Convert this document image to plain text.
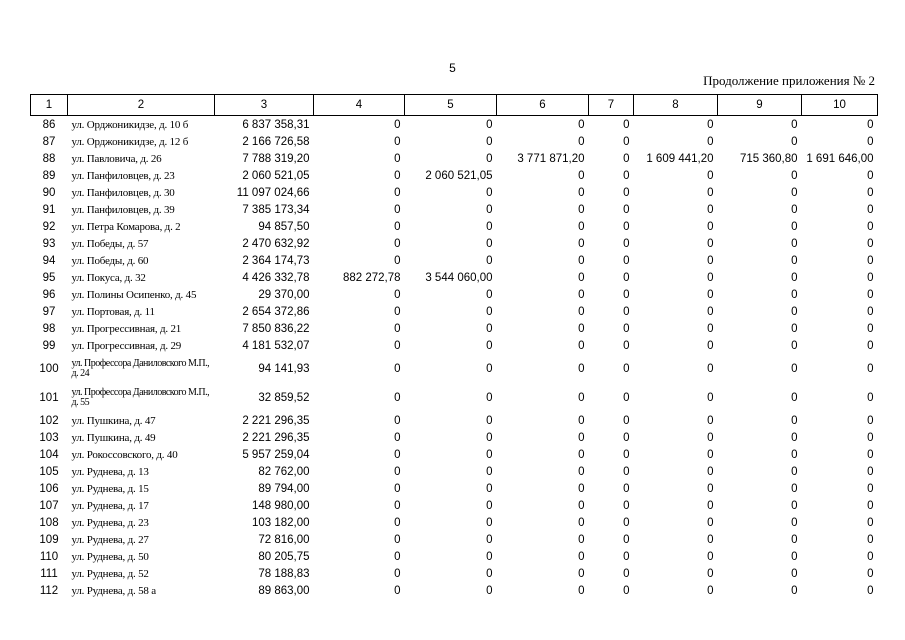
5
Продолжение приложения № 2
1	2	3	4	5	6	7	8	9	10
86	ул. Орджоникидзе, д. 10 б	6 837 358,31	0	0	0	0	0	0	0
87	ул. Орджоникидзе, д. 12 б	2 166 726,58	0	0	0	0	0	0	0
88	ул. Павловича, д. 26	7 788 319,20	0	0	3 771 871,20	0	1 609 441,20	715 360,80	1 691 646,00
89	ул. Панфиловцев, д. 23	2 060 521,05	0	2 060 521,05	0	0	0	0	0
90	ул. Панфиловцев, д. 30	11 097 024,66	0	0	0	0	0	0	0
91	ул. Панфиловцев, д. 39	7 385 173,34	0	0	0	0	0	0	0
92	ул. Петра Комарова, д. 2	94 857,50	0	0	0	0	0	0	0
93	ул. Победы, д. 57	2 470 632,92	0	0	0	0	0	0	0
94	ул. Победы, д. 60	2 364 174,73	0	0	0	0	0	0	0
95	ул. Покуса, д. 32	4 426 332,78	882 272,78	3 544 060,00	0	0	0	0	0
96	ул. Полины Осипенко, д. 45	29 370,00	0	0	0	0	0	0	0
97	ул. Портовая, д. 11	2 654 372,86	0	0	0	0	0	0	0
98	ул. Прогрессивная, д. 21	7 850 836,22	0	0	0	0	0	0	0
99	ул. Прогрессивная, д. 29	4 181 532,07	0	0	0	0	0	0	0
100	ул. Профессора Даниловского М.П., д. 24	94 141,93	0	0	0	0	0	0	0
101	ул. Профессора Даниловского М.П., д. 55	32 859,52	0	0	0	0	0	0	0
102	ул. Пушкина, д. 47	2 221 296,35	0	0	0	0	0	0	0
103	ул. Пушкина, д. 49	2 221 296,35	0	0	0	0	0	0	0
104	ул. Рокоссовского, д. 40	5 957 259,04	0	0	0	0	0	0	0
105	ул. Руднева, д. 13	82 762,00	0	0	0	0	0	0	0
106	ул. Руднева, д. 15	89 794,00	0	0	0	0	0	0	0
107	ул. Руднева, д. 17	148 980,00	0	0	0	0	0	0	0
108	ул. Руднева, д. 23	103 182,00	0	0	0	0	0	0	0
109	ул. Руднева, д. 27	72 816,00	0	0	0	0	0	0	0
110	ул. Руднева, д. 50	80 205,75	0	0	0	0	0	0	0
111	ул. Руднева, д. 52	78 188,83	0	0	0	0	0	0	0
112	ул. Руднева, д. 58 а	89 863,00	0	0	0	0	0	0	0
